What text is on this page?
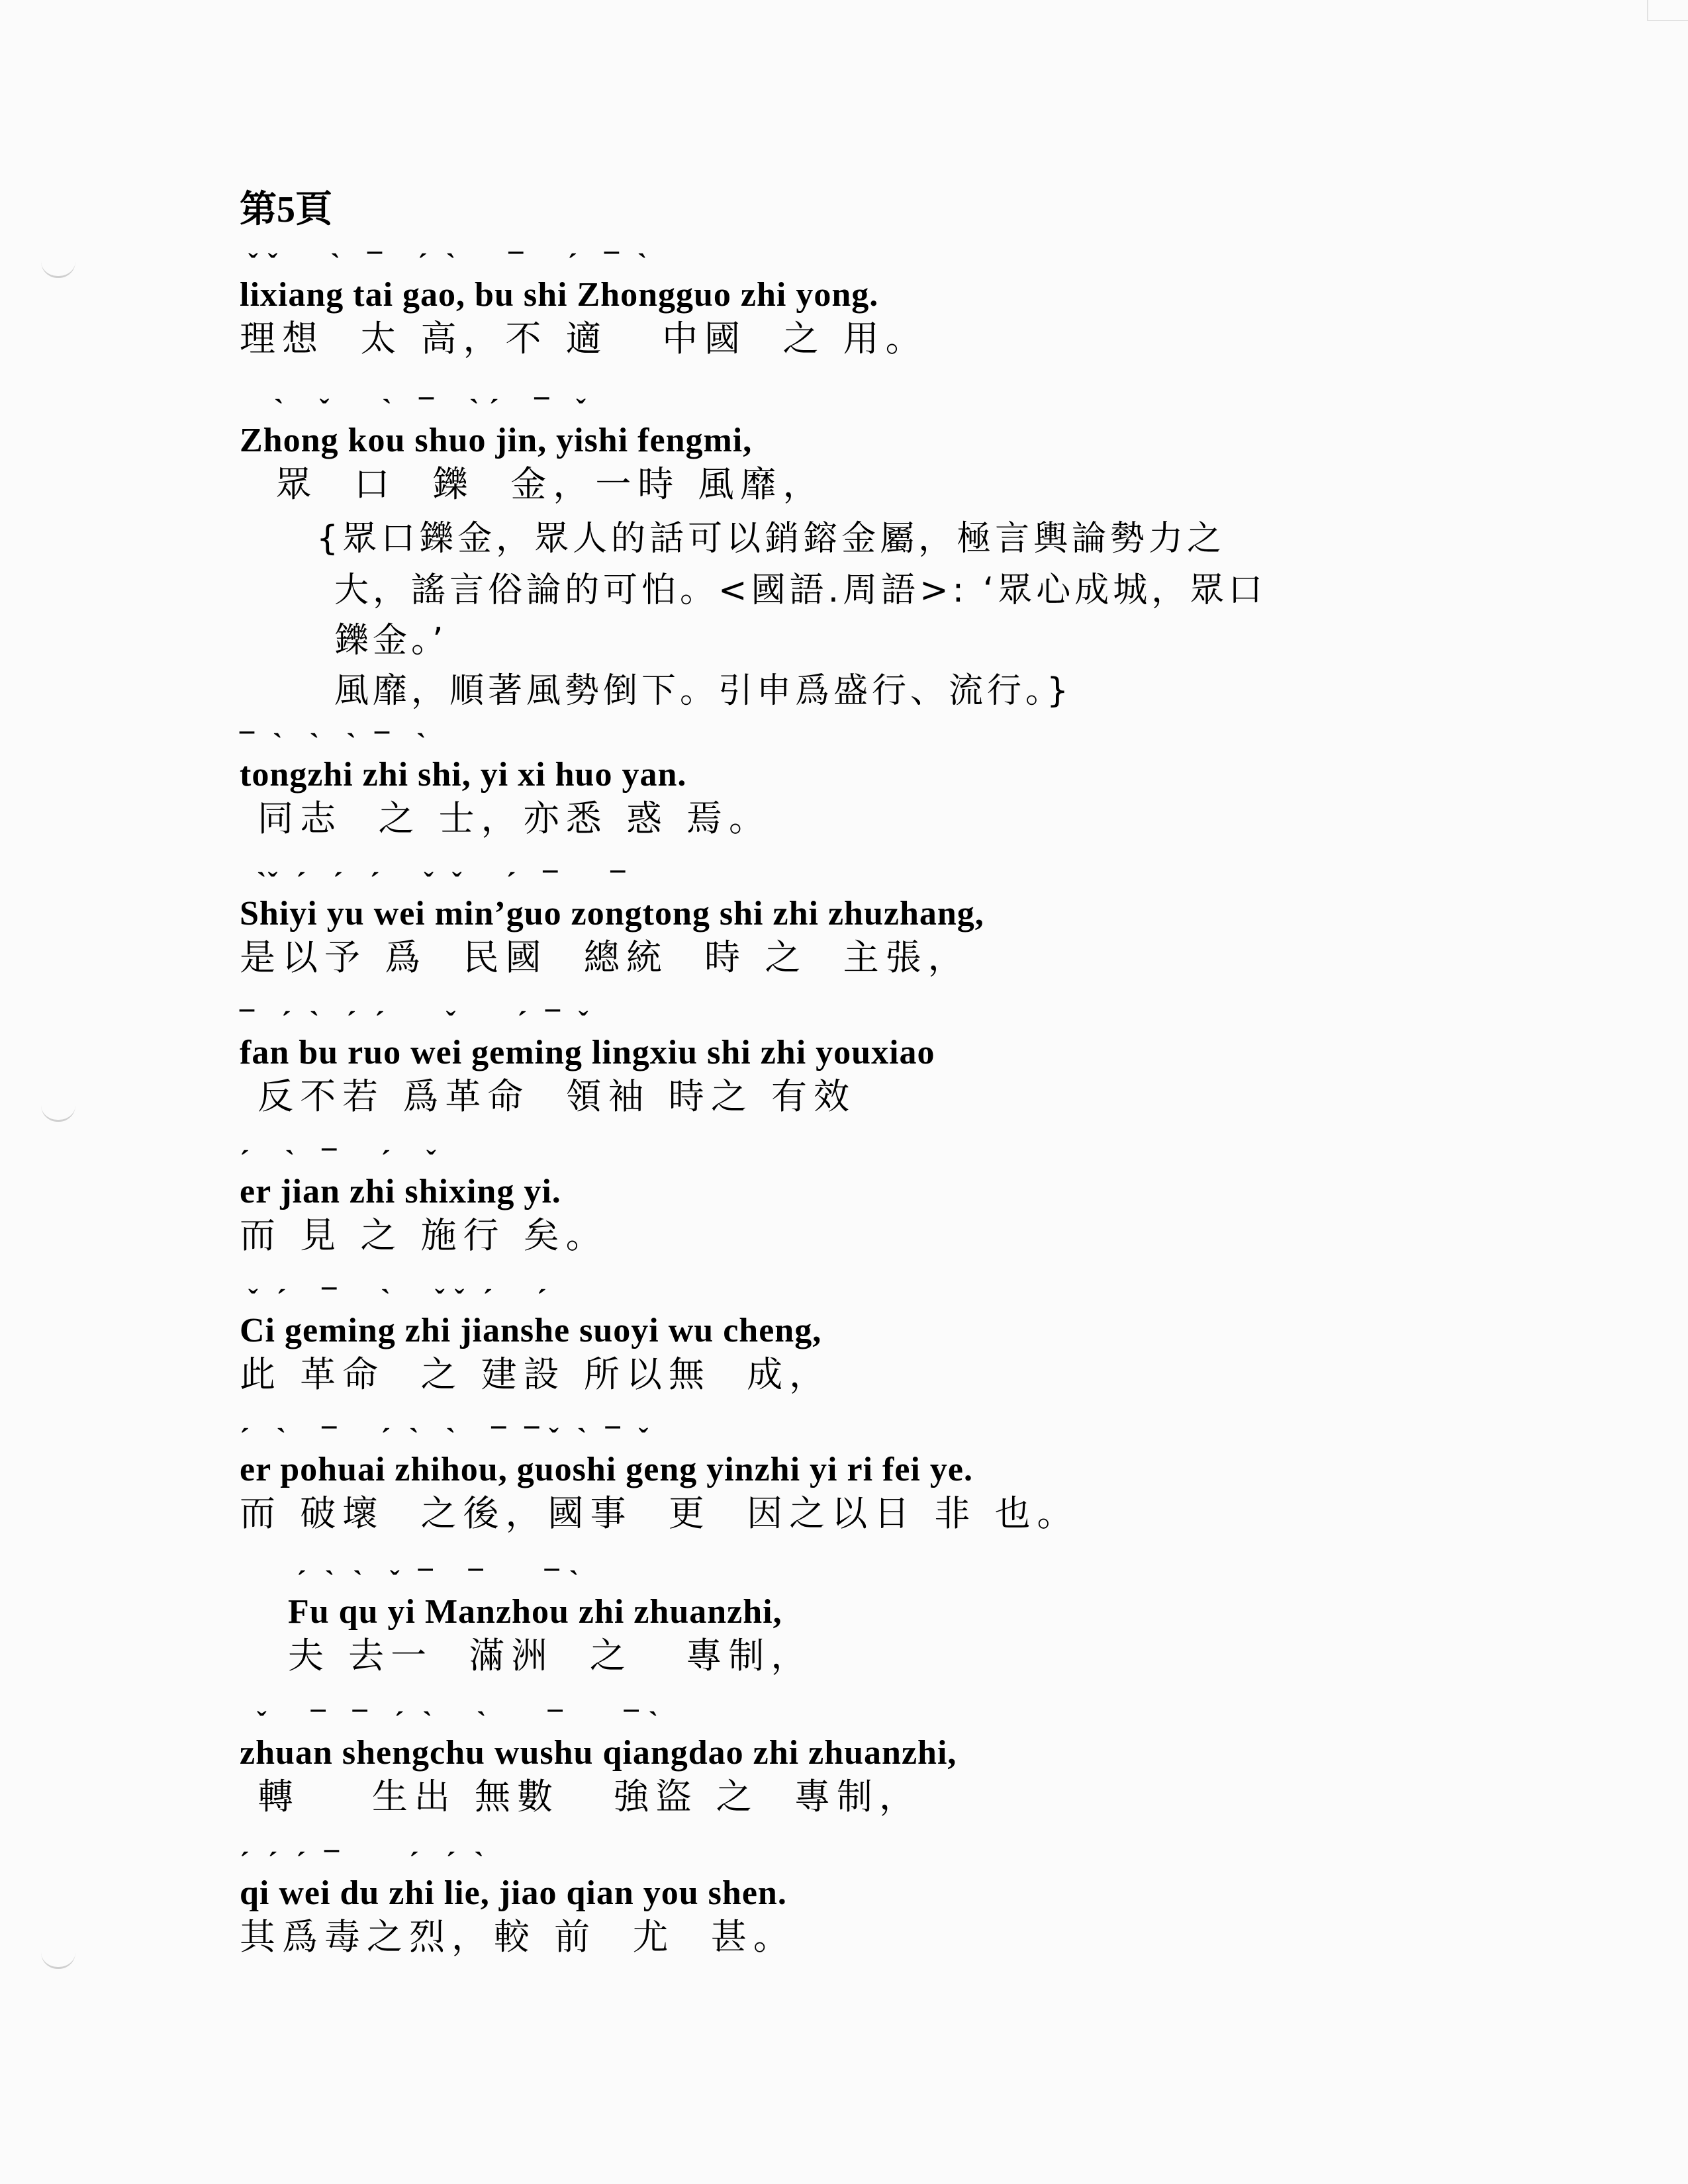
第5頁
ˇ ˇ      ˋ   ¯    ˊ  ˋ      ¯     ˊ   ¯  ˋ
lixiang tai gao, bu shi Zhongguo zhi yong.
理想  太 高，不 適   中國  之 用。
ˋ    ˇ      ˋ   ¯    ˋ ˊ    ¯   ˇ
Zhong kou shuo jin, yishi fengmi,
眾  口  鑠  金，一時 風靡，
{眾口鑠金，眾人的話可以銷鎔金屬，極言輿論勢力之
大，謠言俗論的可怕。<國語.周語>: ‘眾心成城，眾口
鑠金。’
風靡，順著風勢倒下。引申爲盛行、流行。}
¯  ˋ   ˋ   ˋ  ¯   ˋ
tongzhi zhi shi, yi xi huo yan.
同志  之 士，亦悉 惑 焉。
ˋˇ  ˊ   ˊ   ˊ     ˇ  ˇ     ˊ   ¯      ¯
Shiyi yu wei min’guo zongtong shi zhi zhuzhang,
是以予 爲  民國  總統  時 之  主張，
¯   ˊ  ˋ   ˊ  ˊ       ˇ       ˊ  ¯  ˇ
fan bu ruo wei geming lingxiu shi zhi youxiao
反不若 爲革命  領袖 時之 有效
ˊ    ˋ   ¯     ˊ    ˇ
er jian zhi shixing yi.
而 見 之 施行 矣。
ˇ  ˊ    ¯     ˋ     ˇ ˇ  ˊ     ˊ
Ci geming zhi jianshe suoyi wu cheng,
此 革命  之 建設 所以無  成，
ˊ   ˋ    ¯     ˊ  ˋ   ˋ    ¯  ¯ ˇ  ˋ  ¯  ˇ
er pohuai zhihou, guoshi geng yinzhi yi ri fei ye.
而 破壞  之後，國事  更  因之以日 非 也。
ˊ  ˋ  ˋ   ˇ  ¯    ¯       ¯ ˋ
Fu qu yi Manzhou zhi zhuanzhi,
夫 去一  滿洲  之   專制，
ˇ     ¯   ¯   ˊ  ˋ     ˋ       ¯       ¯ ˋ
zhuan shengchu wushu qiangdao zhi zhuanzhi,
轉    生出 無數   強盜 之  專制，
ˊ  ˊ  ˊ  ¯        ˊ   ˊ  ˋ
qi wei du zhi lie, jiao qian you shen.
其爲毒之烈，較 前  尤  甚。
